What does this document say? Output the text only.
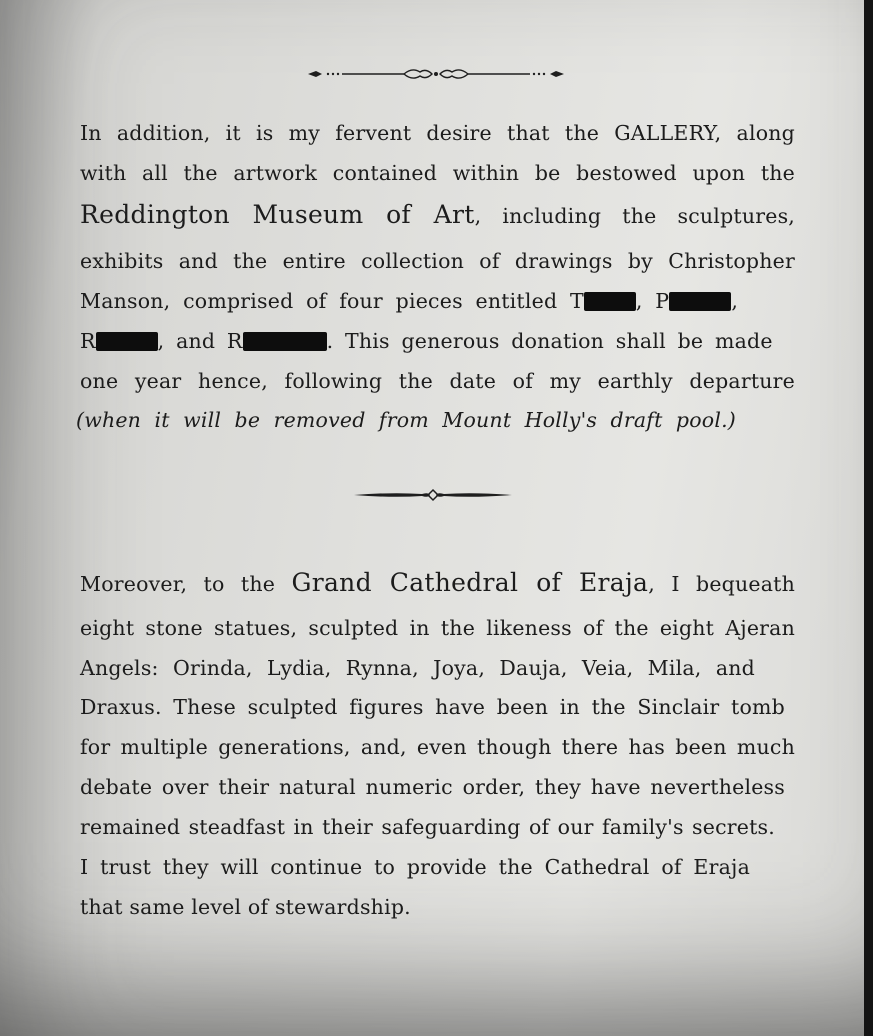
In addition, it is my fervent desire that the GALLERY, along
with all the artwork contained within be bestowed upon the
Reddington Museum of Art, including the sculptures,
exhibits and the entire collection of drawings by Christopher
Manson, comprised of four pieces entitled T	, P	,
R	, and R	. This generous donation shall be made
one year hence, following the date of my earthly departure
(when it will be removed from Mount Holly's draft pool.)
Moreover, to the Grand Cathedral of Eraja, I bequeath
eight stone statues, sculpted in the likeness of the eight Ajeran
Angels: Orinda, Lydia, Rynna, Joya, Dauja, Veia, Mila, and
Draxus. These sculpted figures have been in the Sinclair tomb
for multiple generations, and, even though there has been much
debate over their natural numeric order, they have nevertheless
remained steadfast in their safeguarding of our family's secrets.
I trust they will continue to provide the Cathedral of Eraja
that same level of stewardship.
